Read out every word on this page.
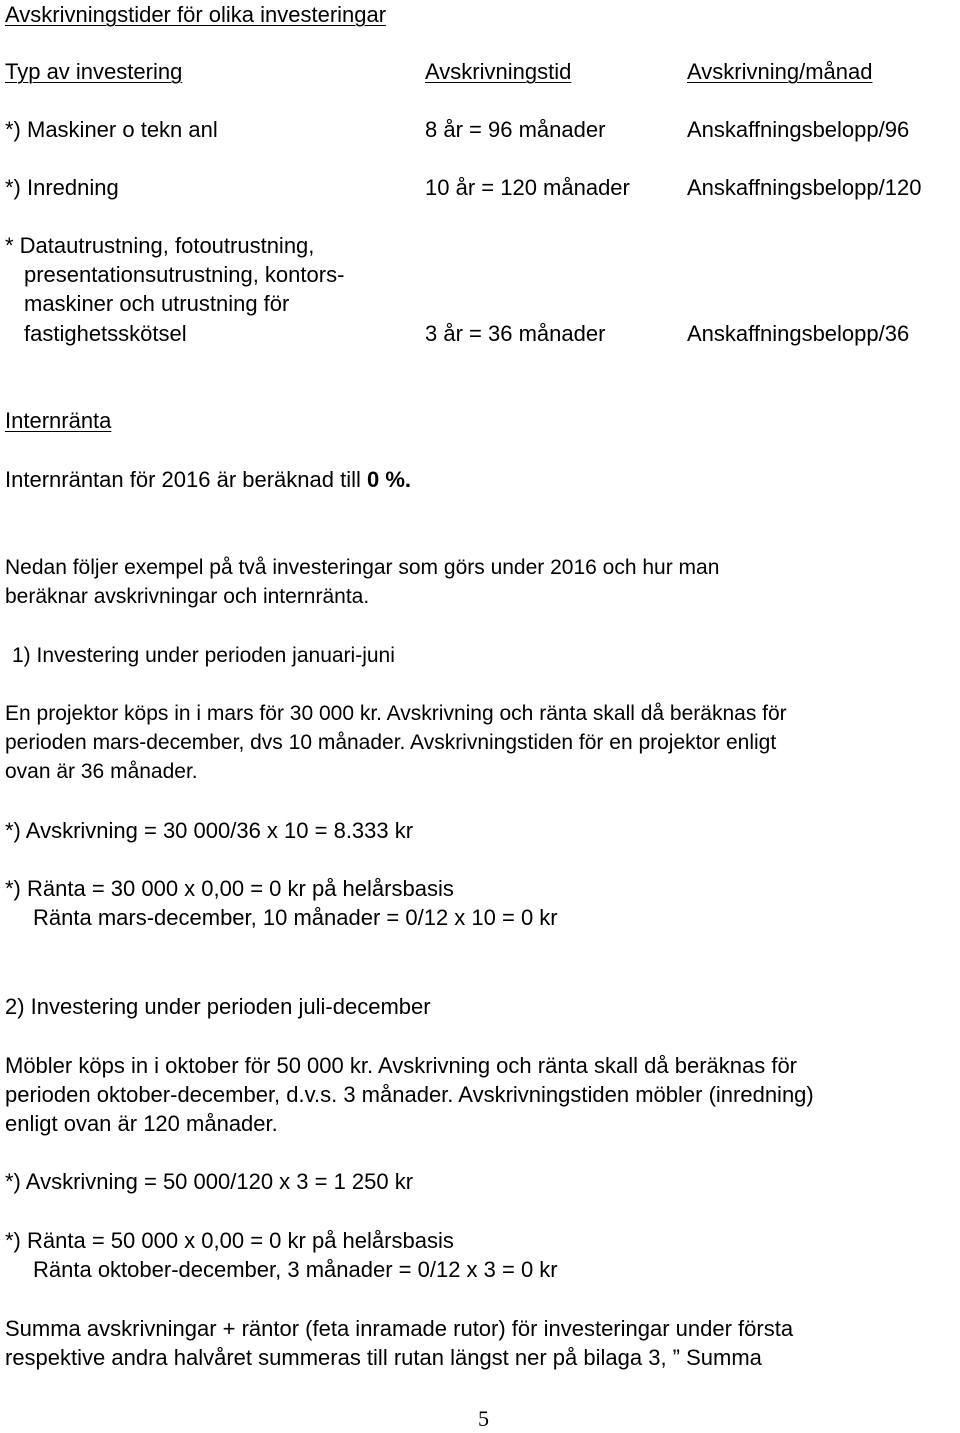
Avskrivningstider för olika investeringar
Typ av investering	Avskrivningstid	Avskrivning/månad
*) Maskiner o tekn anl	8 år = 96 månader	Anskaffningsbelopp/96
*) Inredning	10 år = 120 månader	Anskaffningsbelopp/120
* Datautrustning, fotoutrustning,
presentationsutrustning, kontors-
maskiner och utrustning för
fastighetsskötsel	3 år = 36 månader	Anskaffningsbelopp/36
Internränta
Internräntan för 2016 är beräknad till 0 %.
Nedan följer exempel på två investeringar som görs under 2016 och hur man
beräknar avskrivningar och internränta.
1) Investering under perioden januari-juni
En projektor köps in i mars för 30 000 kr. Avskrivning och ränta skall då beräknas för
perioden mars-december, dvs 10 månader. Avskrivningstiden för en projektor enligt
ovan är 36 månader.
*) Avskrivning = 30 000/36 x 10 = 8.333 kr
*) Ränta = 30 000 x 0,00 = 0 kr på helårsbasis
Ränta mars-december, 10 månader = 0/12 x 10 = 0 kr
2) Investering under perioden juli-december
Möbler köps in i oktober för 50 000 kr. Avskrivning och ränta skall då beräknas för
perioden oktober-december, d.v.s. 3 månader. Avskrivningstiden möbler (inredning)
enligt ovan är 120 månader.
*) Avskrivning = 50 000/120 x 3 = 1 250 kr
*) Ränta = 50 000 x 0,00 = 0 kr på helårsbasis
Ränta oktober-december, 3 månader = 0/12 x 3 = 0 kr
Summa avskrivningar + räntor (feta inramade rutor) för investeringar under första
respektive andra halvåret summeras till rutan längst ner på bilaga 3, ” Summa
5
